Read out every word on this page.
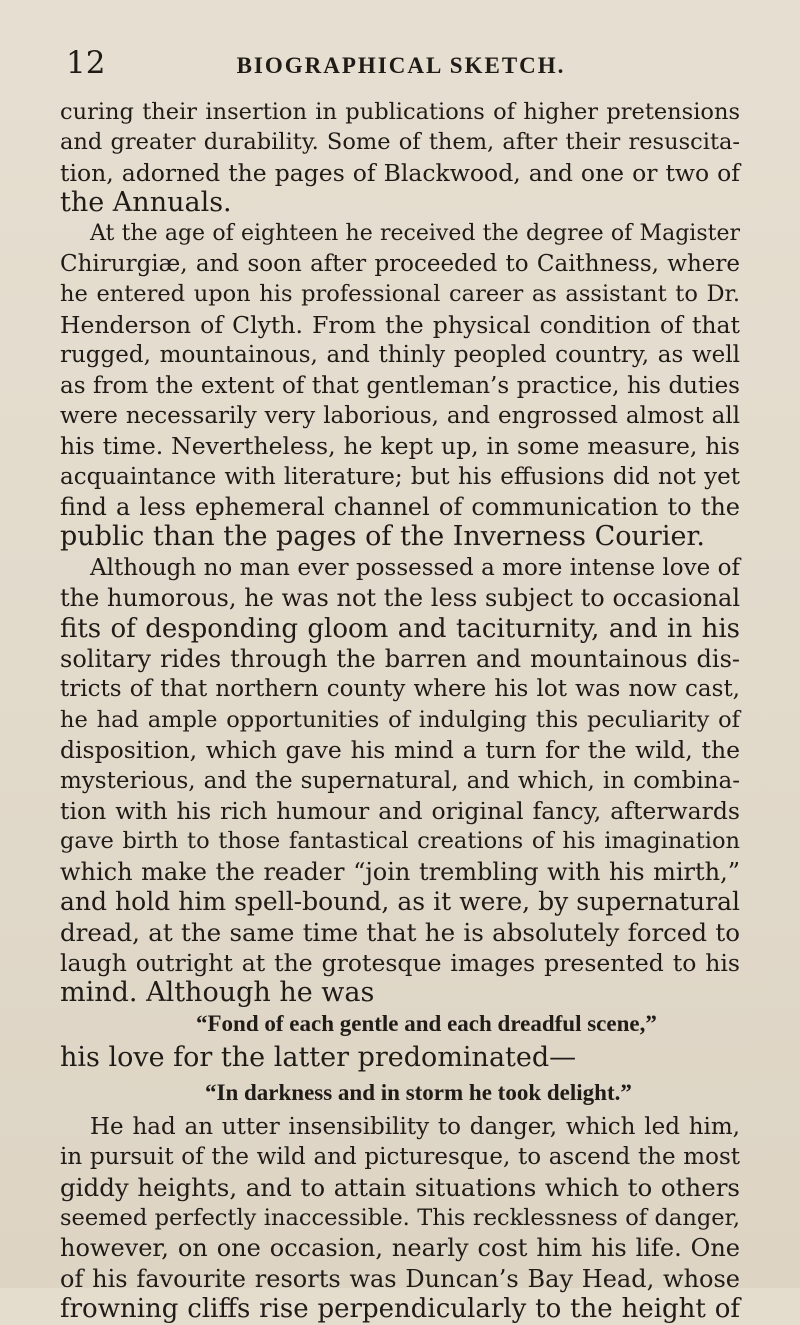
12	BIOGRAPHICAL SKETCH.
curing their insertion in publications of higher pretensions
and greater durability. Some of them, after their resuscita-
tion, adorned the pages of Blackwood, and one or two of
the Annuals.
At the age of eighteen he received the degree of Magister
Chirurgiæ, and soon after proceeded to Caithness, where
he entered upon his professional career as assistant to Dr.
Henderson of Clyth. From the physical condition of that
rugged, mountainous, and thinly peopled country, as well
as from the extent of that gentleman’s practice, his duties
were necessarily very laborious, and engrossed almost all
his time. Nevertheless, he kept up, in some measure, his
acquaintance with literature; but his effusions did not yet
find a less ephemeral channel of communication to the
public than the pages of the Inverness Courier.
Although no man ever possessed a more intense love of
the humorous, he was not the less subject to occasional
fits of desponding gloom and taciturnity, and in his
solitary rides through the barren and mountainous dis-
tricts of that northern county where his lot was now cast,
he had ample opportunities of indulging this peculiarity of
disposition, which gave his mind a turn for the wild, the
mysterious, and the supernatural, and which, in combina-
tion with his rich humour and original fancy, afterwards
gave birth to those fantastical creations of his imagination
which make the reader “join trembling with his mirth,”
and hold him spell-bound, as it were, by supernatural
dread, at the same time that he is absolutely forced to
laugh outright at the grotesque images presented to his
mind. Although he was
“Fond of each gentle and each dreadful scene,”
his love for the latter predominated—
“In darkness and in storm he took delight.”
He had an utter insensibility to danger, which led him,
in pursuit of the wild and picturesque, to ascend the most
giddy heights, and to attain situations which to others
seemed perfectly inaccessible. This recklessness of danger,
however, on one occasion, nearly cost him his life. One
of his favourite resorts was Duncan’s Bay Head, whose
frowning cliffs rise perpendicularly to the height of
